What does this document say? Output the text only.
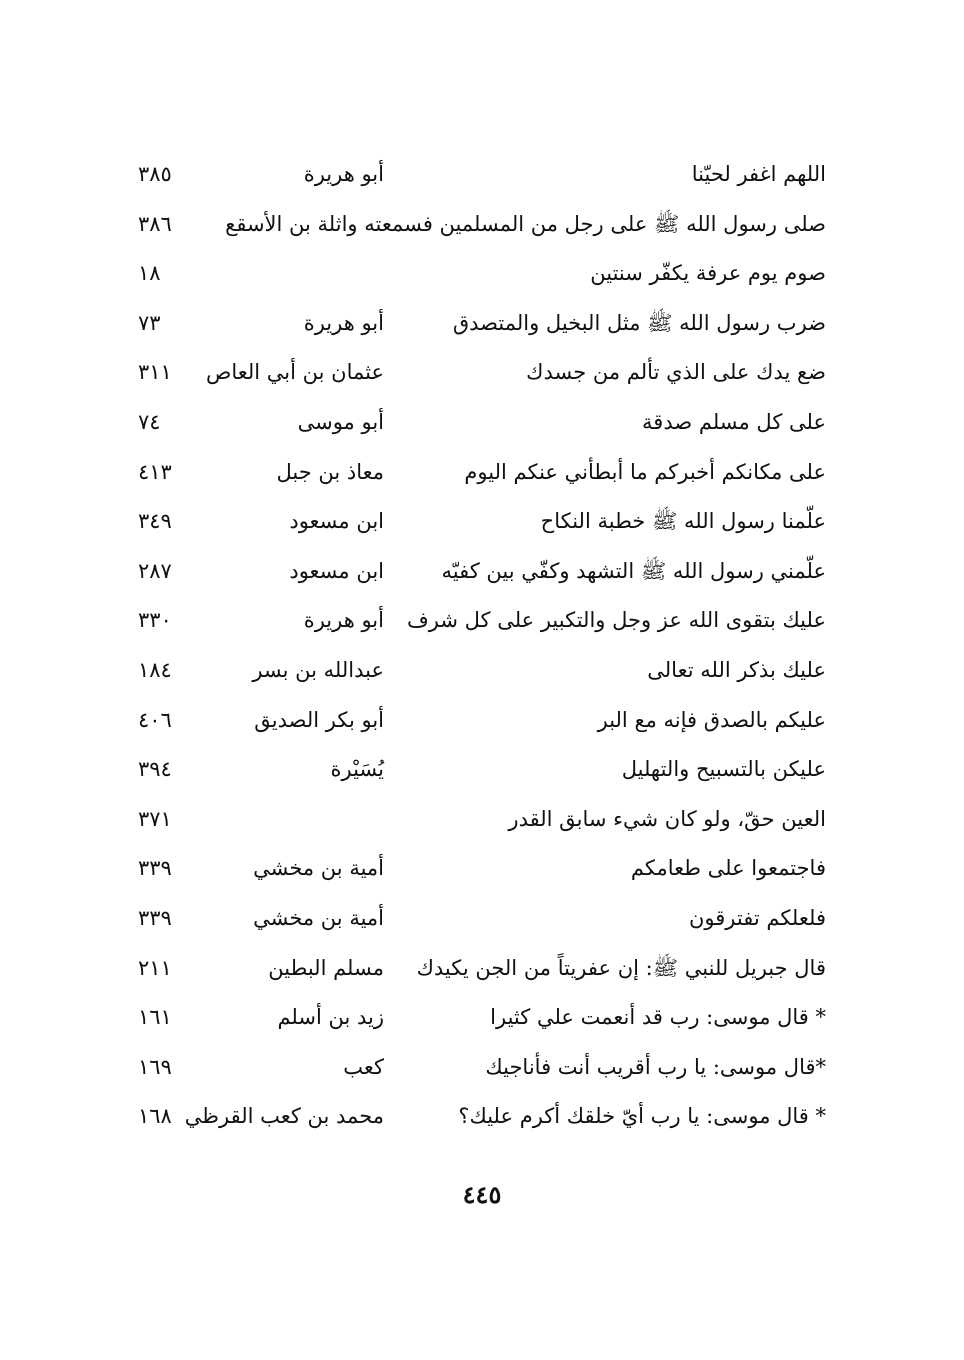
اللهم اغفر لحيّنا
أبو هريرة
٣٨٥
صلى رسول الله ﷺ على رجل من المسلمين فسمعته واثلة بن الأسقع
٣٨٦
صوم يوم عرفة يكفّر سنتين
١٨
ضرب رسول الله ﷺ مثل البخيل والمتصدق
أبو هريرة
٧٣
ضع يدك على الذي تألم من جسدك
عثمان بن أبي العاص
٣١١
على كل مسلم صدقة
أبو موسى
٧٤
على مكانكم أخبركم ما أبطأني عنكم اليوم
معاذ بن جبل
٤١٣
علّمنا رسول الله ﷺ خطبة النكاح
ابن مسعود
٣٤٩
علّمني رسول الله ﷺ التشهد وكفّي بين كفيّه
ابن مسعود
٢٨٧
عليك بتقوى الله عز وجل والتكبير على كل شرف
أبو هريرة
٣٣٠
عليك بذكر الله تعالى
عبدالله بن بسر
١٨٤
عليكم بالصدق فإنه مع البر
أبو بكر الصديق
٤٠٦
عليكن بالتسبيح والتهليل
يُسَيْرة
٣٩٤
العين حقّ، ولو كان شيء سابق القدر
٣٧١
فاجتمعوا على طعامكم
أمية بن مخشي
٣٣٩
فلعلكم تفترقون
أمية بن مخشي
٣٣٩
قال جبريل للنبي ﷺ: إن عفريتاً من الجن يكيدك
مسلم البطين
٢١١
* قال موسى: رب قد أنعمت علي كثيرا
زيد بن أسلم
١٦١
*قال موسى: يا رب أقريب أنت فأناجيك
كعب
١٦٩
* قال موسى: يا رب أيّ خلقك أكرم عليك؟
محمد بن كعب القرظي
١٦٨
٤٤٥
